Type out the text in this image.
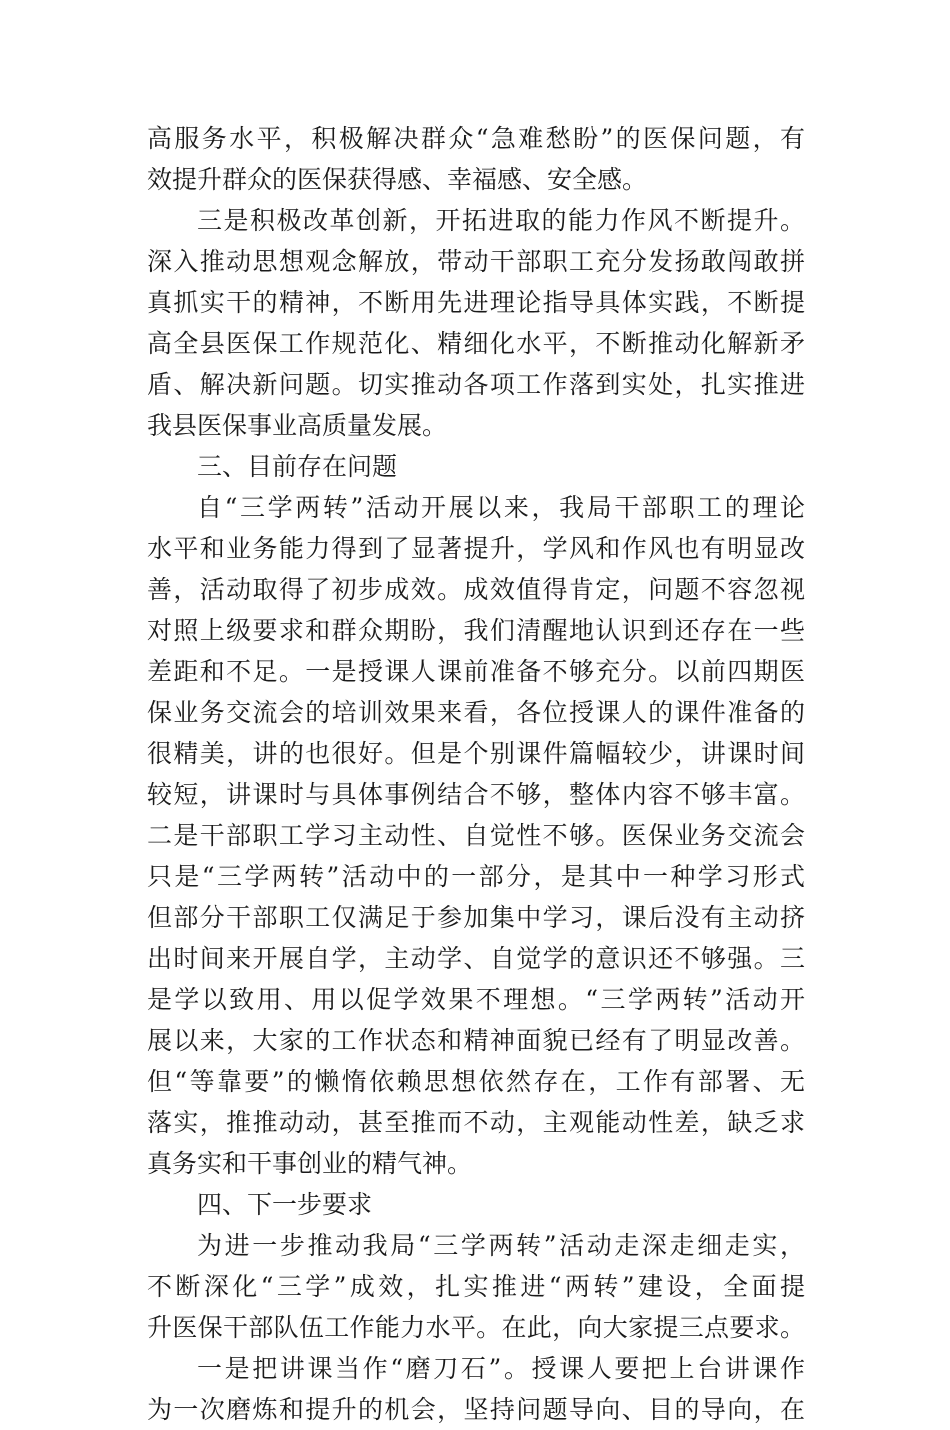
高服务水平，积极解决群众“急难愁盼”的医保问题，有
效提升群众的医保获得感、幸福感、安全感。
三是积极改革创新，开拓进取的能力作风不断提升。
深入推动思想观念解放，带动干部职工充分发扬敢闯敢拼
真抓实干的精神，不断用先进理论指导具体实践，不断提
高全县医保工作规范化、精细化水平，不断推动化解新矛
盾、解决新问题。切实推动各项工作落到实处，扎实推进
我县医保事业高质量发展。
三、目前存在问题
自“三学两转”活动开展以来，我局干部职工的理论
水平和业务能力得到了显著提升，学风和作风也有明显改
善，活动取得了初步成效。成效值得肯定，问题不容忽视
对照上级要求和群众期盼，我们清醒地认识到还存在一些
差距和不足。一是授课人课前准备不够充分。以前四期医
保业务交流会的培训效果来看，各位授课人的课件准备的
很精美，讲的也很好。但是个别课件篇幅较少，讲课时间
较短，讲课时与具体事例结合不够，整体内容不够丰富。
二是干部职工学习主动性、自觉性不够。医保业务交流会
只是“三学两转”活动中的一部分，是其中一种学习形式
但部分干部职工仅满足于参加集中学习，课后没有主动挤
出时间来开展自学，主动学、自觉学的意识还不够强。三
是学以致用、用以促学效果不理想。“三学两转”活动开
展以来，大家的工作状态和精神面貌已经有了明显改善。
但“等靠要”的懒惰依赖思想依然存在，工作有部署、无
落实，推推动动，甚至推而不动，主观能动性差，缺乏求
真务实和干事创业的精气神。
四、下一步要求
为进一步推动我局“三学两转”活动走深走细走实，
不断深化“三学”成效，扎实推进“两转”建设，全面提
升医保干部队伍工作能力水平。在此，向大家提三点要求。
一是把讲课当作“磨刀石”。授课人要把上台讲课作
为一次磨炼和提升的机会，坚持问题导向、目的导向，在
